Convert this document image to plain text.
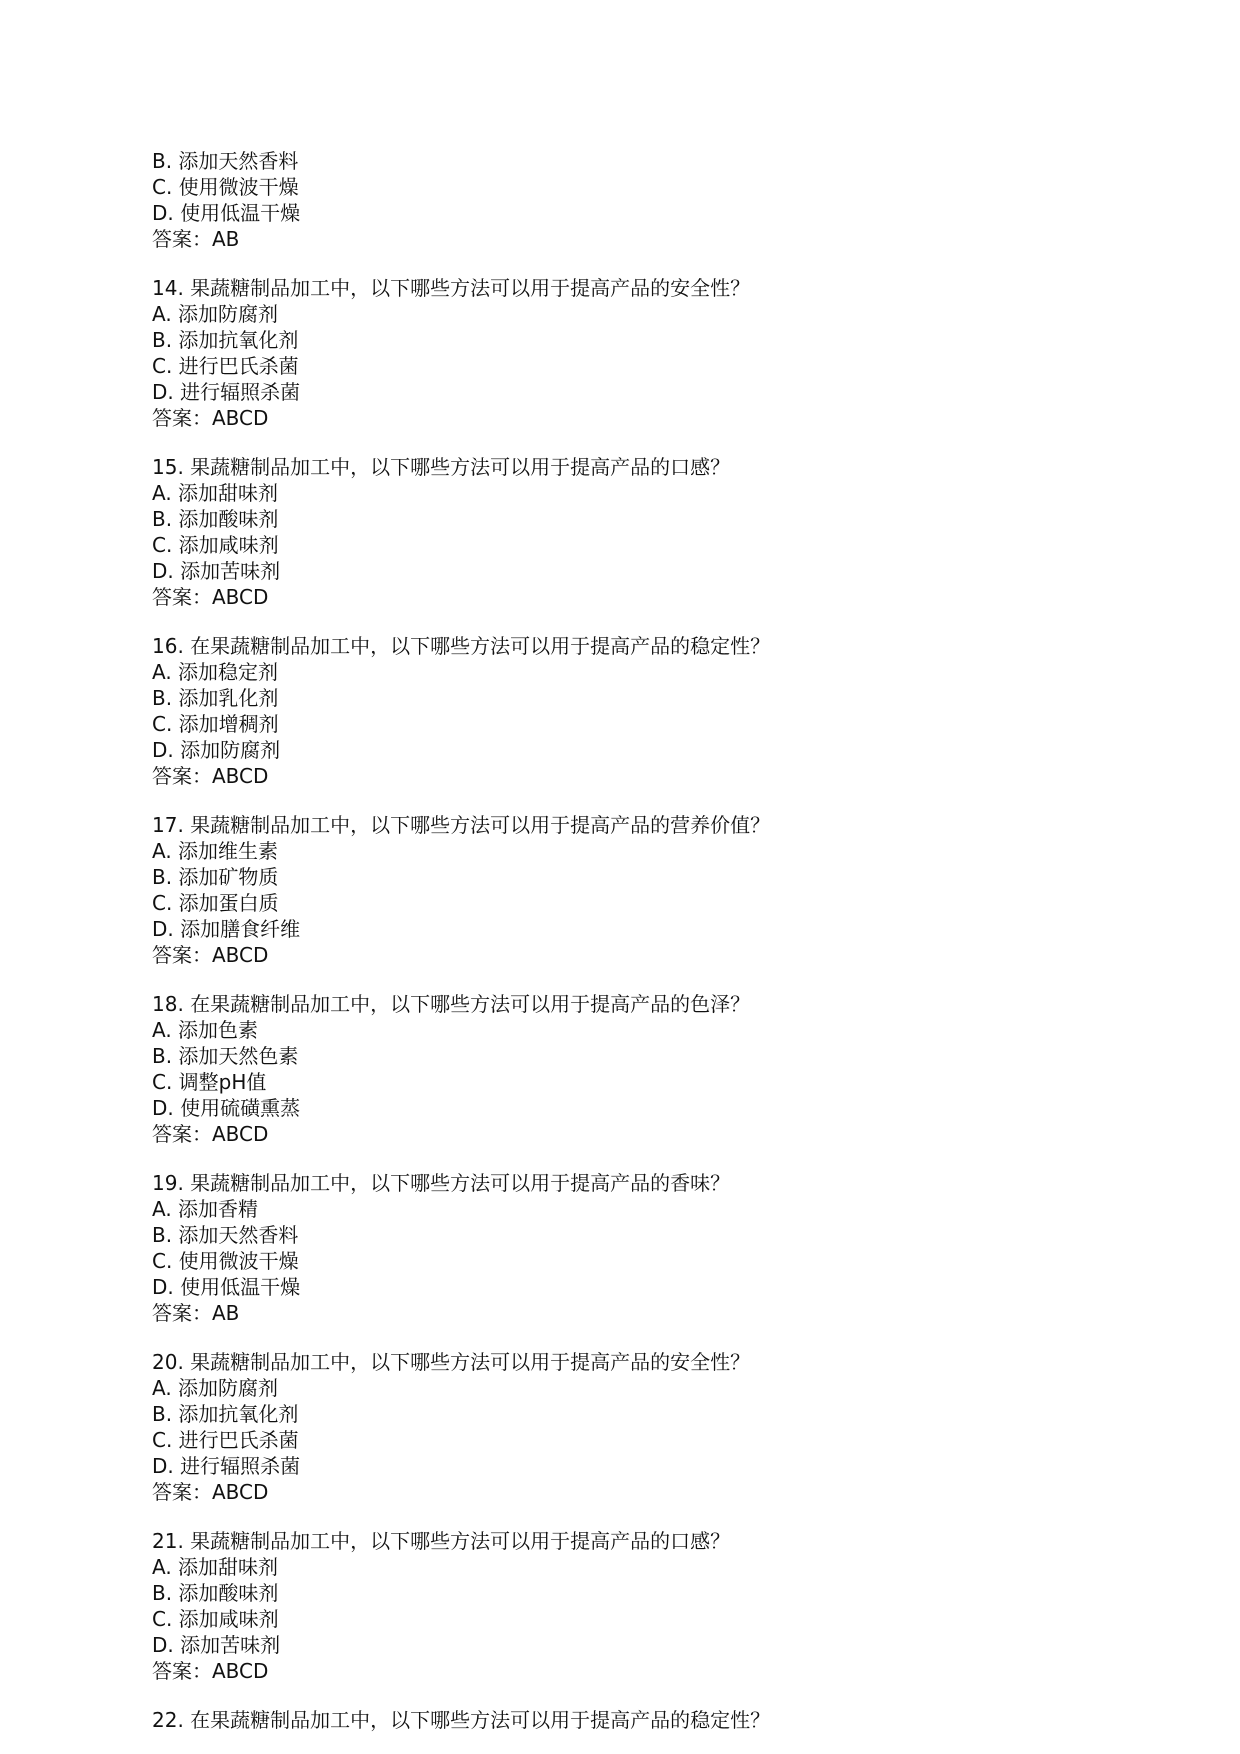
B. 添加天然香料
C. 使用微波干燥
D. 使用低温干燥
答案：AB
14. 果蔬糖制品加工中，以下哪些方法可以用于提高产品的安全性？
A. 添加防腐剂
B. 添加抗氧化剂
C. 进行巴氏杀菌
D. 进行辐照杀菌
答案：ABCD
15. 果蔬糖制品加工中，以下哪些方法可以用于提高产品的口感？
A. 添加甜味剂
B. 添加酸味剂
C. 添加咸味剂
D. 添加苦味剂
答案：ABCD
16. 在果蔬糖制品加工中，以下哪些方法可以用于提高产品的稳定性？
A. 添加稳定剂
B. 添加乳化剂
C. 添加增稠剂
D. 添加防腐剂
答案：ABCD
17. 果蔬糖制品加工中，以下哪些方法可以用于提高产品的营养价值？
A. 添加维生素
B. 添加矿物质
C. 添加蛋白质
D. 添加膳食纤维
答案：ABCD
18. 在果蔬糖制品加工中，以下哪些方法可以用于提高产品的色泽？
A. 添加色素
B. 添加天然色素
C. 调整pH值
D. 使用硫磺熏蒸
答案：ABCD
19. 果蔬糖制品加工中，以下哪些方法可以用于提高产品的香味？
A. 添加香精
B. 添加天然香料
C. 使用微波干燥
D. 使用低温干燥
答案：AB
20. 果蔬糖制品加工中，以下哪些方法可以用于提高产品的安全性？
A. 添加防腐剂
B. 添加抗氧化剂
C. 进行巴氏杀菌
D. 进行辐照杀菌
答案：ABCD
21. 果蔬糖制品加工中，以下哪些方法可以用于提高产品的口感？
A. 添加甜味剂
B. 添加酸味剂
C. 添加咸味剂
D. 添加苦味剂
答案：ABCD
22. 在果蔬糖制品加工中，以下哪些方法可以用于提高产品的稳定性？
